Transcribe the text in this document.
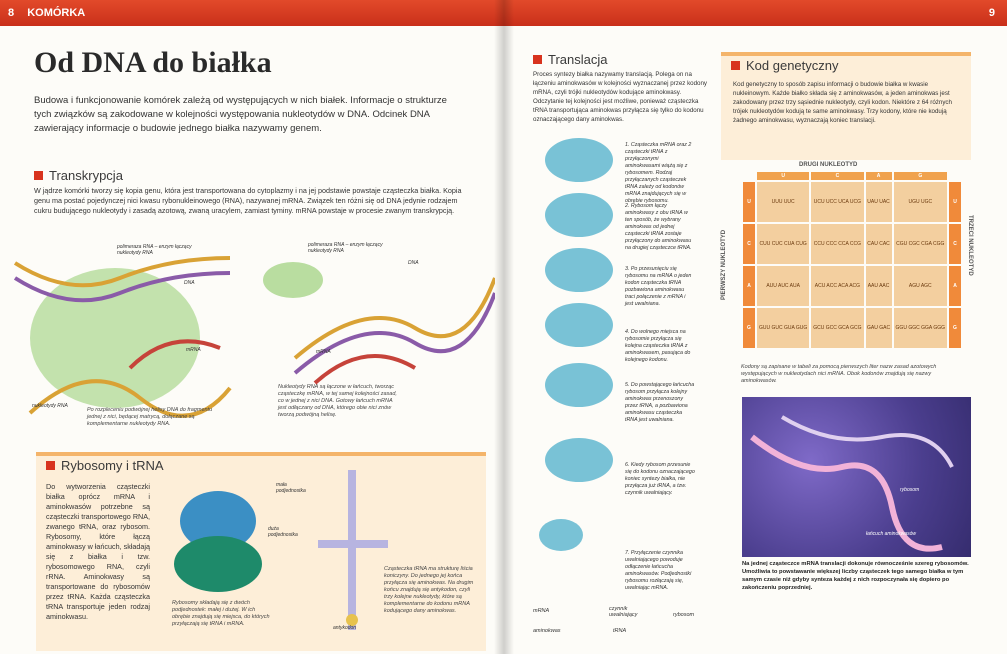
8 KOMÓRKA
Od DNA do białka
Budowa i funkcjonowanie komórek zależą od występujących w nich białek. Informacje o strukturze tych związków są zakodowane w kolejności występowania nukleotydów w DNA. Odcinek DNA zawierający informacje o budowie jednego białka nazywamy genem.
Transkrypcja
W jądrze komórki tworzy się kopia genu, która jest transportowana do cytoplazmy i na jej podstawie powstaje cząsteczka białka. Kopia genu ma postać pojedynczej nici kwasu rybonukleinowego (RNA), nazywanej mRNA. Związek ten różni się od DNA jedynie rodzajem cukru budującego nukleotydy i zasadą azotową, zwaną uracylem, zamiast tyminy. mRNA powstaje w procesie zwanym transkrypcją.
polimeraza RNA – enzym łączący nukleotydy RNA
DNA
mRNA
nukleotydy RNA
Po rozpleceniu podwójnej helisy DNA do fragmentu jednej z nici, będącej matrycą, dołączane są komplementarne nukleotydy RNA.
polimeraza RNA – enzym łączący nukleotydy RNA
DNA
mRNA
Nukleotydy RNA są łączone w łańcuch, tworząc cząsteczkę mRNA, w tej samej kolejności zasad, co w jednej z nici DNA. Gotowy łańcuch mRNA jest odłączany od DNA, którego obie nici znów tworzą podwójną helisę.
Rybosomy i tRNA
Do wytworzenia cząsteczki białka oprócz mRNA i aminokwasów potrzebne są cząsteczki transportowego RNA, zwanego tRNA, oraz rybosom. Rybosomy, które łączą aminokwasy w łańcuch, składają się z białka i tzw. rybosomowego RNA, czyli rRNA. Aminokwasy są transportowane do rybosomów przez tRNA. Każda cząsteczka tRNA transportuje jeden rodzaj aminokwasu.
mała podjednostka
duża podjednostka
Rybosomy składają się z dwóch podjednostek: małej i dużej. W ich obrębie znajdują się miejsca, do których przyłączają się tRNA i mRNA.
antykodon
Cząsteczka tRNA ma strukturę liścia koniczyny. Do jednego jej końca przyłącza się aminokwas. Na drugim końcu znajdują się antykodon, czyli trzy kolejne nukleotydy, które są komplementarne do kodonu mRNA kodującego dany aminokwas.
9
Translacja
Proces syntezy białka nazywamy translacją. Polega on na łączeniu aminokwasów w kolejności wyznaczanej przez kodony mRNA, czyli trójki nukleotydów kodujące aminokwasy. Odczytanie tej kolejności jest możliwe, ponieważ cząsteczka tRNA transportująca aminokwas przyłącza się tylko do kodonu oznaczającego dany aminokwas.
1. Cząsteczka mRNA oraz 2 cząsteczki tRNA z przyłączonymi aminokwasami wiążą się z rybosomem. Rodzaj przyłączanych cząsteczek tRNA zależy od kodonów mRNA znajdujących się w obrębie rybosomu.
2. Rybosom łączy aminokwasy z obu tRNA w ten sposób, że wybrany aminokwas od jednej cząsteczki tRNA zostaje przyłączony do aminokwasu na drugiej cząsteczce tRNA.
3. Po przesunięciu się rybosomu na mRNA o jeden kodon cząsteczka tRNA pozbawiona aminokwasu traci połączenie z mRNA i jest uwalniana.
4. Do wolnego miejsca na rybosomie przyłącza się kolejna cząsteczka tRNA z aminokwasem, pasująca do kolejnego kodonu.
5. Do powstającego łańcucha rybosom przyłącza kolejny aminokwas przenoszony przez tRNA, a pozbawiona aminokwasu cząsteczka tRNA jest uwalniana.
6. Kiedy rybosom przesunie się do kodonu oznaczającego koniec syntezy białka, nie przyłącza już tRNA, a tzw. czynnik uwalniający.
7. Przyłączenie czynnika uwalniającego powoduje odłączenie łańcucha aminokwasów. Podjednostki rybosomu rozłączają się, uwalniając mRNA.
mRNA
aminokwas
czynnik uwalniający
tRNA
rybosom
Kod genetyczny
Kod genetyczny to sposób zapisu informacji o budowie białka w kwasie nukleinowym. Każde białko składa się z aminokwasów, a jeden aminokwas jest zakodowany przez trzy sąsiednie nukleotydy, czyli kodon. Niektóre z 64 różnych trójek nukleotydów kodują te same aminokwasy. Trzy kodony, które nie kodują żadnego aminokwasu, wyznaczają koniec translacji.
DRUGI NUKLEOTYD
PIERWSZY NUKLEOTYD	TRZECI NUKLEOTYD
	U	C	A	G	
U	UUU UUC	UCU UCC UCA UCG	UAU UAC	UGU UGC	U
C	CUU CUC CUA CUG	CCU CCC CCA CCG	CAU CAC	CGU CGC CGA CGG	C
A	AUU AUC AUA	ACU ACC ACA ACG	AAU AAC	AGU AGC	A
G	GUU GUC GUA GUG	GCU GCC GCA GCG	GAU GAC	GGU GGC GGA GGG	G
Kodony są zapisane w tabeli za pomocą pierwszych liter nazw zasad azotowych występujących w nukleotydach nici mRNA. Obok kodonów znajdują się nazwy aminokwasów.
rybosom
łańcuch aminokwasów
Na jednej cząsteczce mRNA translacji dokonuje równocześnie szereg rybosomów. Umożliwia to powstawanie większej liczby cząsteczek tego samego białka w tym samym czasie niż gdyby synteza każdej z nich rozpoczynała się dopiero po zakończeniu poprzedniej.
